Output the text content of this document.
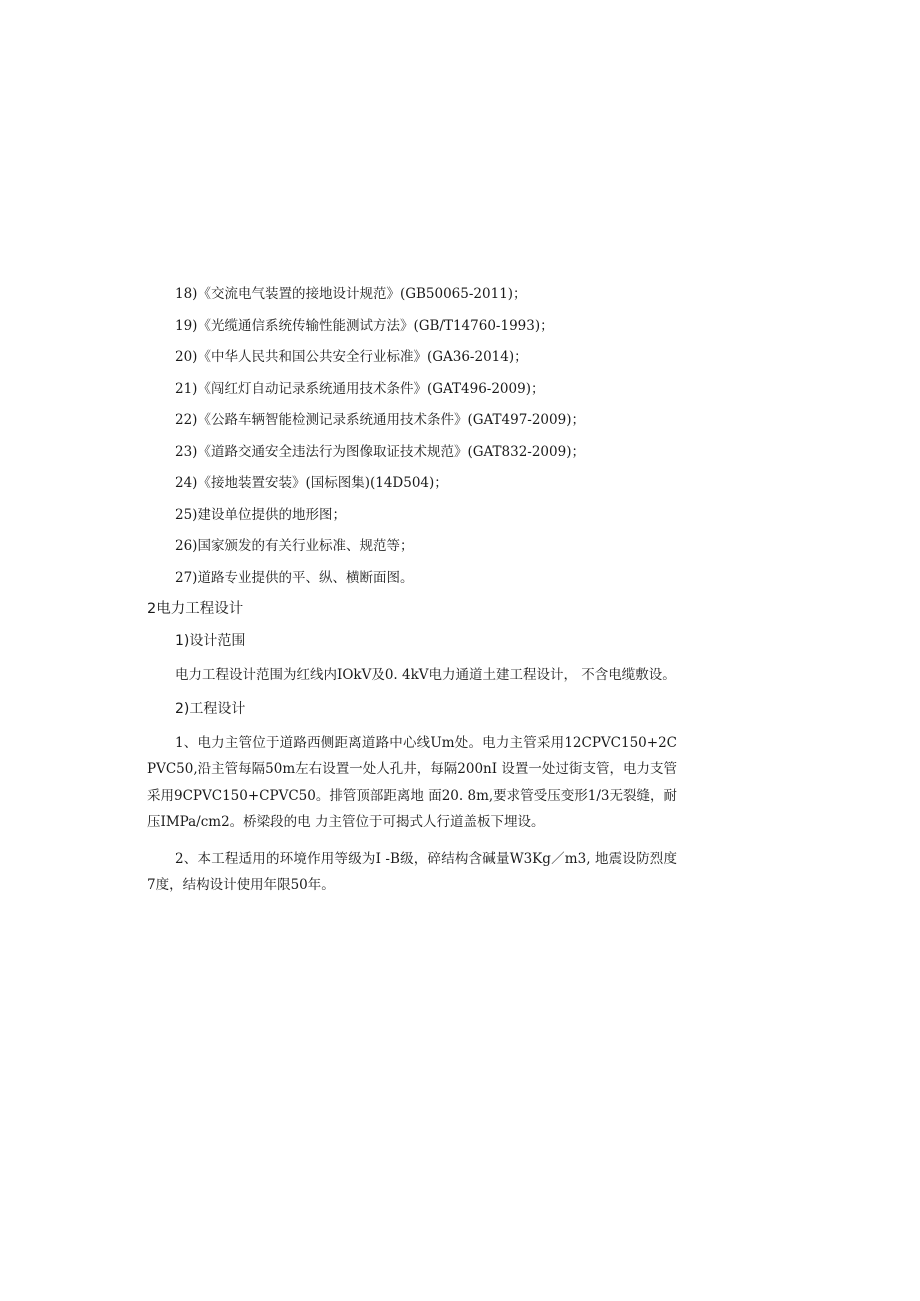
18)《交流电气装置的接地设计规范》(GB50065-2011)；
19)《光缆通信系统传输性能测试方法》(GB/T14760-1993)；
20)《中华人民共和国公共安全行业标准》(GA36-2014)；
21)《闯红灯自动记录系统通用技术条件》(GAT496-2009)；
22)《公路车辆智能检测记录系统通用技术条件》(GAT497-2009)；
23)《道路交通安全违法行为图像取证技术规范》(GAT832-2009)；
24)《接地装置安装》(国标图集)(14D504)；
25)建设单位提供的地形图；
26)国家颁发的有关行业标准、规范等；
27)道路专业提供的平、纵、横断面图。
2电力工程设计
1)设计范围

电力工程设计范围为红线内IOkV及0. 4kV电力通道土建工程设计， 不含电缆敷设。

2)工程设计

1、电力主管位于道路西侧距离道路中心线Um处。电力主管采用12CPVC150+2CPVC50,沿主管每隔50m左右设置一处人孔井，每隔200nI 设置一处过街支管，电力支管采用9CPVC150+CPVC50。排管顶部距离地 面20. 8m,要求管受压变形1/3无裂缝，耐压IMPa/cm2。桥梁段的电 力主管位于可揭式人行道盖板下埋设。

2、本工程适用的环境作用等级为I -B级，碎结构含碱量W3Kg／m3, 地震设防烈度7度，结构设计使用年限50年。
